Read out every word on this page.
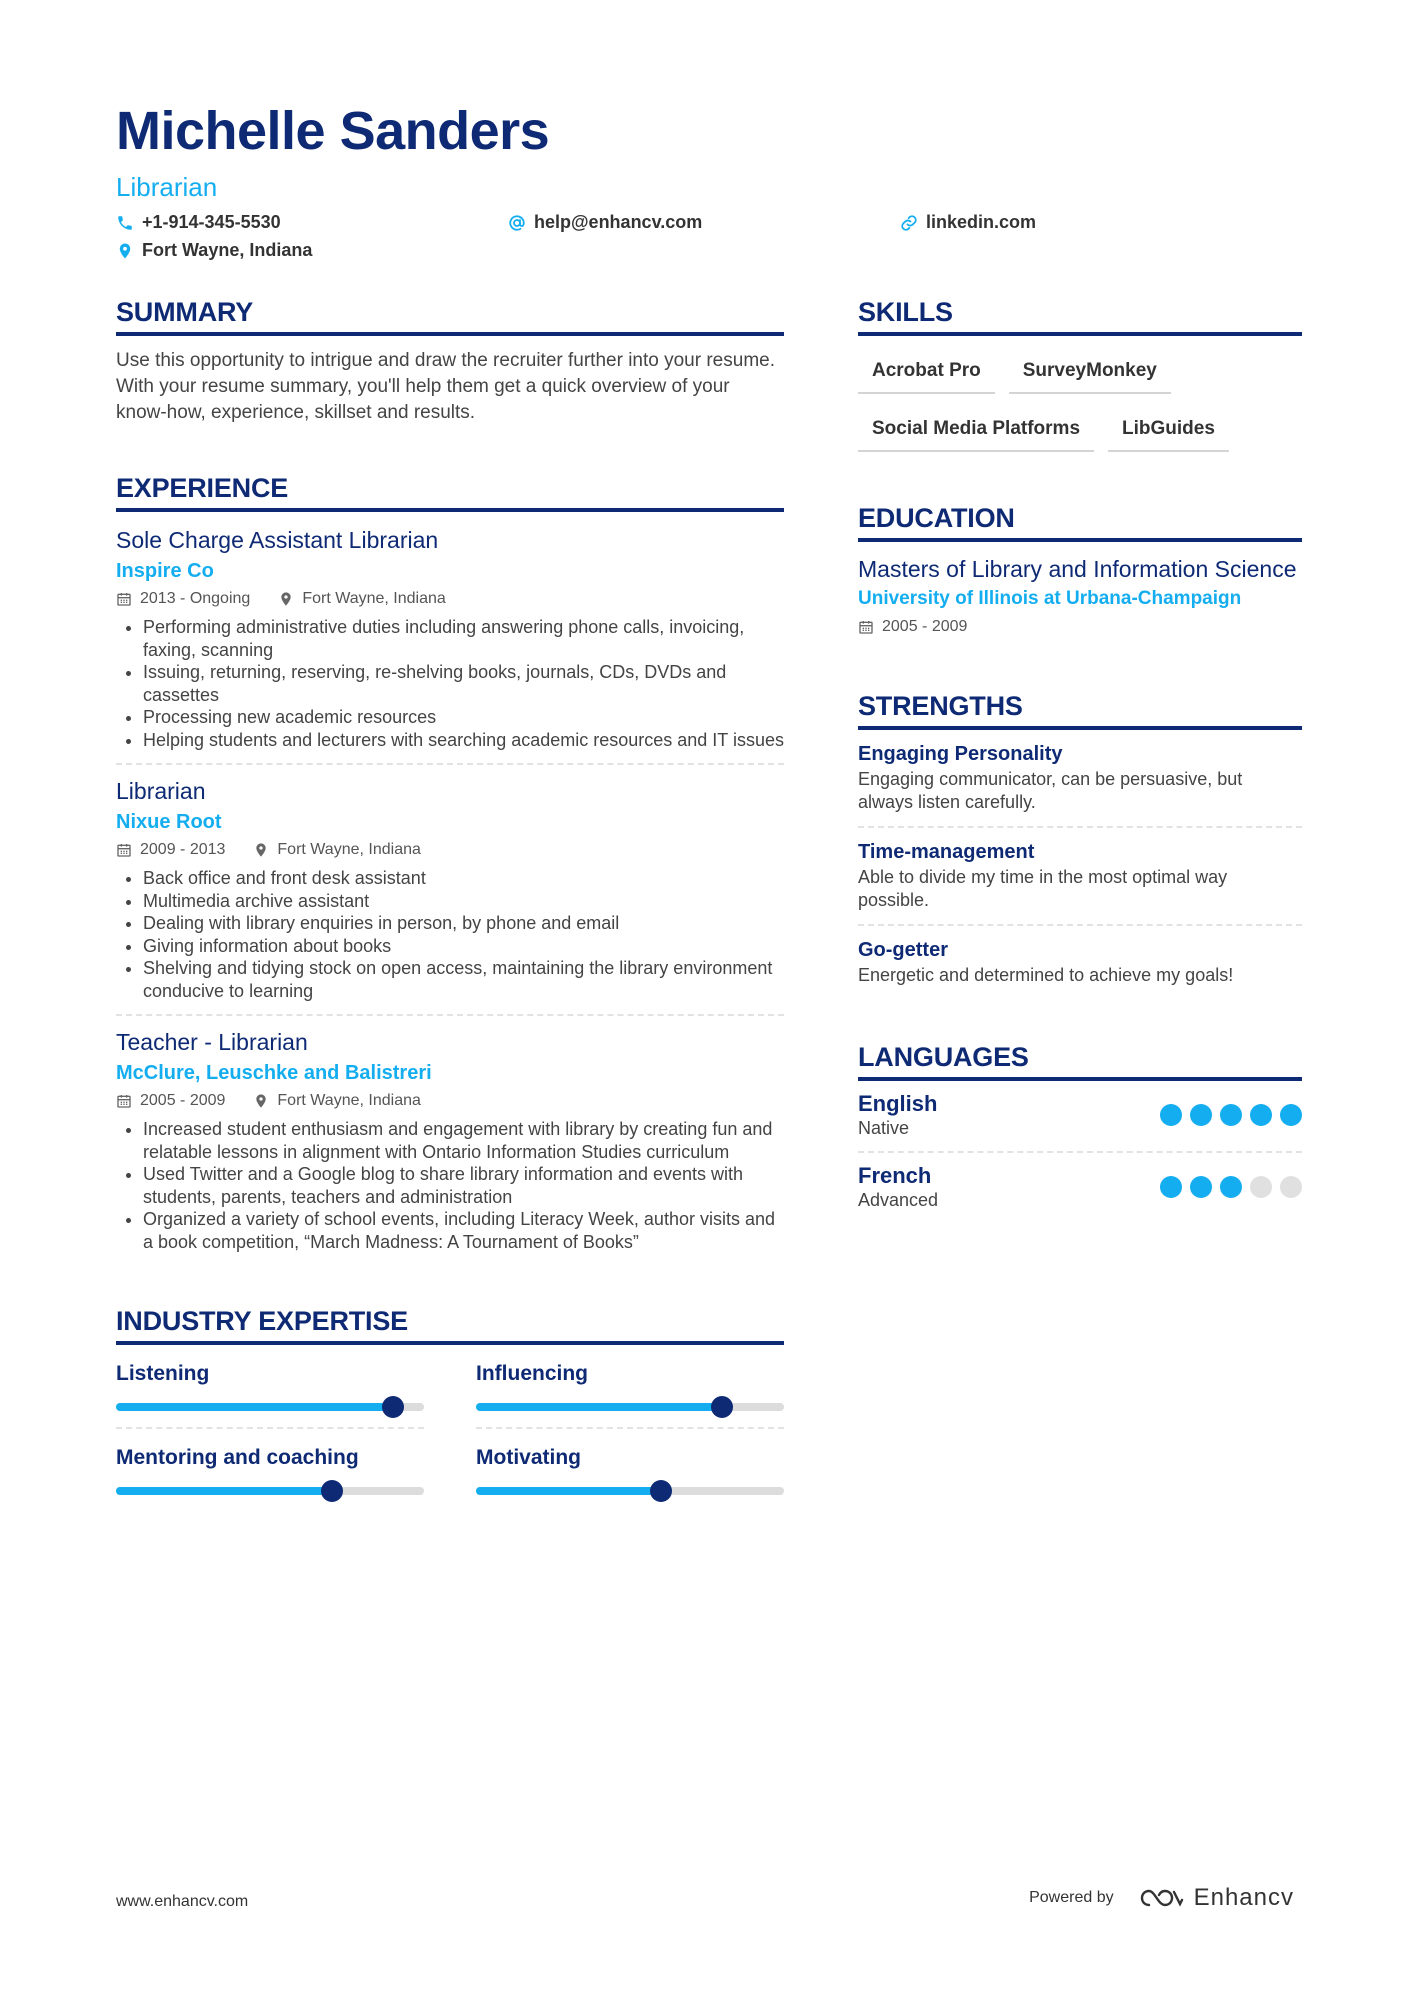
Michelle Sanders
Librarian
+1-914-345-5530	help@enhancv.com	linkedin.com
Fort Wayne, Indiana
SUMMARY
Use this opportunity to intrigue and draw the recruiter further into your resume. With your resume summary, you'll help them get a quick overview of your know-how, experience, skillset and results.
EXPERIENCE
Sole Charge Assistant Librarian
Inspire Co
2013 - Ongoing	Fort Wayne, Indiana
• Performing administrative duties including answering phone calls, invoicing, faxing, scanning
• Issuing, returning, reserving, re-shelving books, journals, CDs, DVDs and cassettes
• Processing new academic resources
• Helping students and lecturers with searching academic resources and IT issues
Librarian
Nixue Root
2009 - 2013	Fort Wayne, Indiana
• Back office and front desk assistant
• Multimedia archive assistant
• Dealing with library enquiries in person, by phone and email
• Giving information about books
• Shelving and tidying stock on open access, maintaining the library environment conducive to learning
Teacher - Librarian
McClure, Leuschke and Balistreri
2005 - 2009	Fort Wayne, Indiana
• Increased student enthusiasm and engagement with library by creating fun and relatable lessons in alignment with Ontario Information Studies curriculum
• Used Twitter and a Google blog to share library information and events with students, parents, teachers and administration
• Organized a variety of school events, including Literacy Week, author visits and a book competition, “March Madness: A Tournament of Books”
INDUSTRY EXPERTISE
Listening	Influencing
Mentoring and coaching	Motivating
SKILLS
Acrobat Pro	SurveyMonkey
Social Media Platforms	LibGuides
EDUCATION
Masters of Library and Information Science
University of Illinois at Urbana-Champaign
2005 - 2009
STRENGTHS
Engaging Personality
Engaging communicator, can be persuasive, but always listen carefully.
Time-management
Able to divide my time in the most optimal way possible.
Go-getter
Energetic and determined to achieve my goals!
LANGUAGES
English
Native
French
Advanced
www.enhancv.com	Powered by	Enhancv
